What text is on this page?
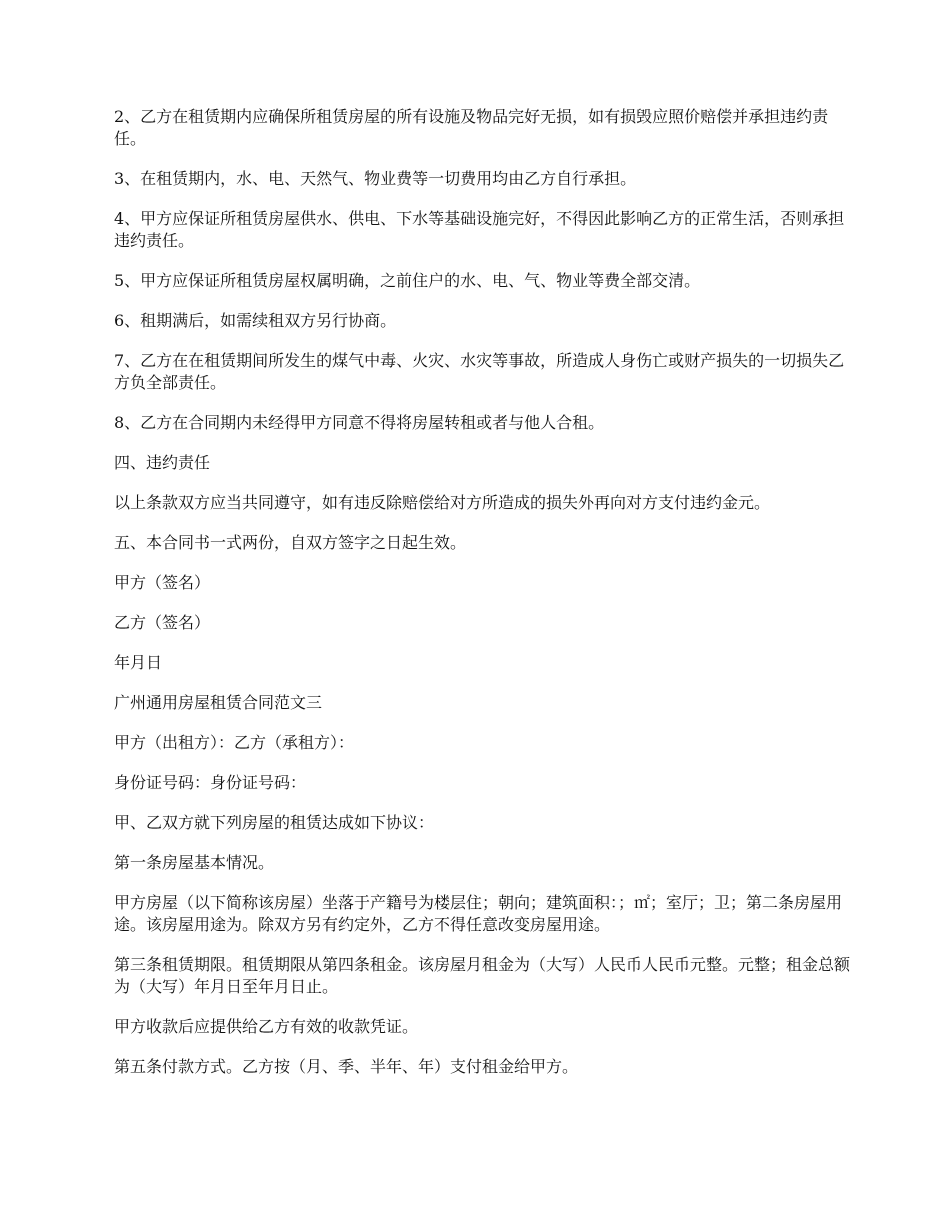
2、乙方在租赁期内应确保所租赁房屋的所有设施及物品完好无损，如有损毁应照价赔偿并承担违约责任。

3、在租赁期内，水、电、天然气、物业费等一切费用均由乙方自行承担。

4、甲方应保证所租赁房屋供水、供电、下水等基础设施完好，不得因此影响乙方的正常生活，否则承担违约责任。

5、甲方应保证所租赁房屋权属明确，之前住户的水、电、气、物业等费全部交清。

6、租期满后，如需续租双方另行协商。

7、乙方在在租赁期间所发生的煤气中毒、火灾、水灾等事故，所造成人身伤亡或财产损失的一切损失乙方负全部责任。

8、乙方在合同期内未经得甲方同意不得将房屋转租或者与他人合租。

四、违约责任

以上条款双方应当共同遵守，如有违反除赔偿给对方所造成的损失外再向对方支付违约金元。

五、本合同书一式两份，自双方签字之日起生效。

甲方（签名）

乙方（签名）

年月日

广州通用房屋租赁合同范文三

甲方（出租方）：乙方（承租方）：

身份证号码：身份证号码：

甲、乙双方就下列房屋的租赁达成如下协议：

第一条房屋基本情况。

甲方房屋（以下简称该房屋）坐落于产籍号为楼层住；朝向；建筑面积：；㎡；室厅；卫；第二条房屋用途。该房屋用途为。除双方另有约定外，乙方不得任意改变房屋用途。

第三条租赁期限。租赁期限从第四条租金。该房屋月租金为（大写）人民币人民币元整。元整；租金总额为（大写）年月日至年月日止。

甲方收款后应提供给乙方有效的收款凭证。

第五条付款方式。乙方按（月、季、半年、年）支付租金给甲方。
